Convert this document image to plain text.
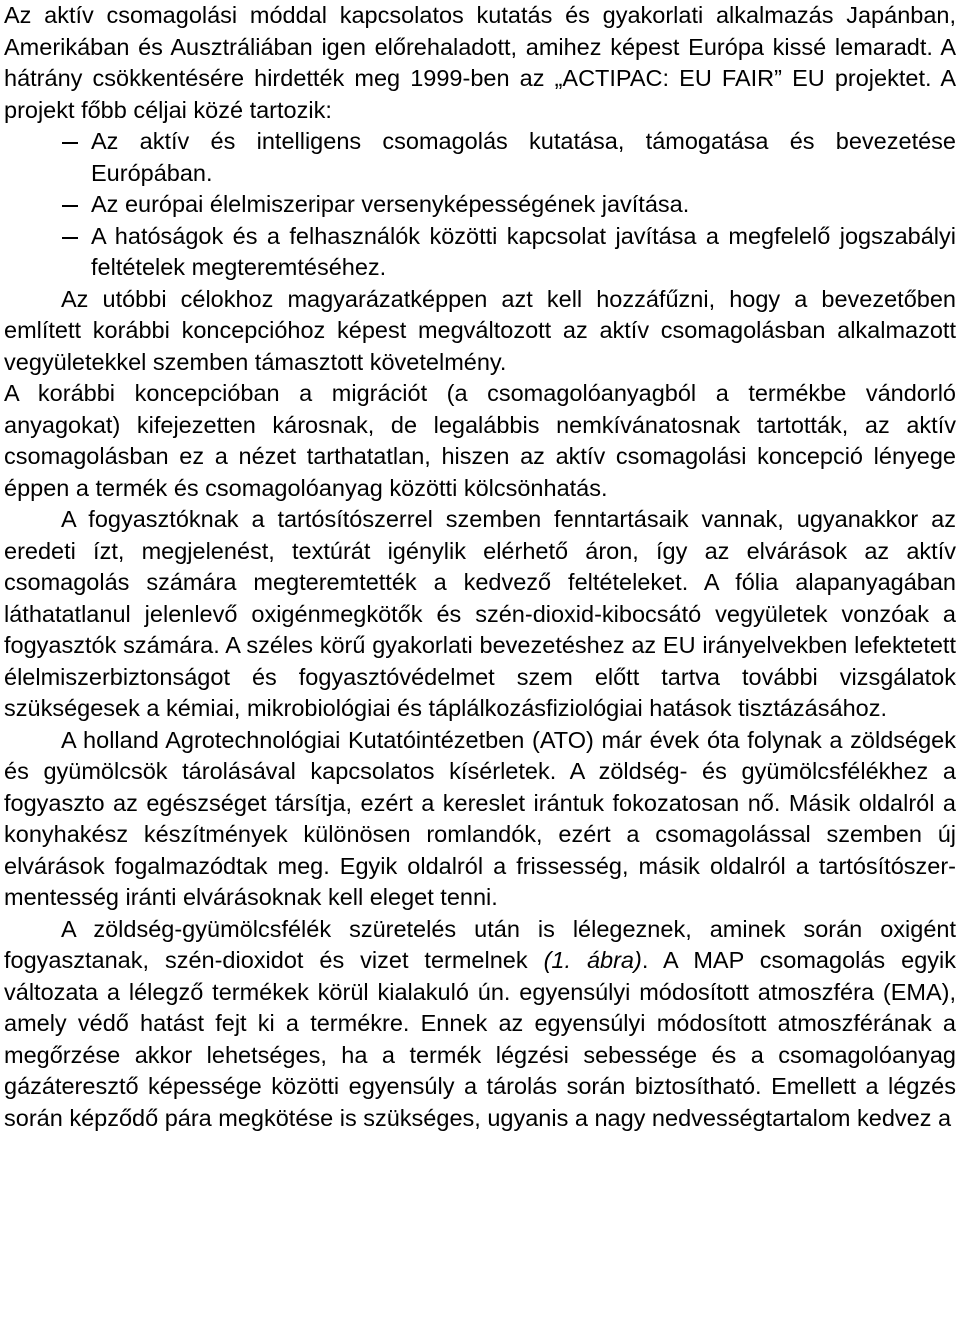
Az aktív csomagolási móddal kapcsolatos kutatás és gyakorlati alkalmazás Japánban, Amerikában és Ausztráliában igen előrehaladott, amihez képest Európa kissé lemaradt. A hátrány csökkentésére hirdették meg 1999-ben az „ACTIPAC: EU FAIR” EU projektet. A projekt főbb céljai közé tartozik:

Az aktív és intelligens csomagolás kutatása, támogatása és bevezetése Európában.
Az európai élelmiszeripar versenyképességének javítása.
A hatóságok és a felhasználók közötti kapcsolat javítása a megfelelő jogszabályi feltételek megteremtéséhez.

Az utóbbi célokhoz magyarázatképpen azt kell hozzáfűzni, hogy a bevezetőben említett korábbi koncepcióhoz képest megváltozott az aktív csomagolásban alkalmazott vegyületekkel szemben támasztott követelmény.

A korábbi koncepcióban a migrációt (a csomagolóanyagból a termékbe vándorló anyagokat) kifejezetten károsnak, de legalábbis nemkívánatosnak tartották, az aktív csomagolásban ez a nézet tarthatatlan, hiszen az aktív csomagolási koncepció lényege éppen a termék és csomagolóanyag közötti kölcsönhatás.

A fogyasztóknak a tartósítószerrel szemben fenntartásaik vannak, ugyanakkor az eredeti ízt, megjelenést, textúrát igénylik elérhető áron, így az elvárások az aktív csomagolás számára megteremtették a kedvező feltételeket. A fólia alapanyagában láthatatlanul jelenlevő oxigénmegkötők és szén-dioxid-kibocsátó vegyületek vonzóak a fogyasztók számára. A széles körű gyakorlati bevezetéshez az EU irányelvekben lefektetett élelmiszerbiztonságot és fogyasztóvédelmet szem előtt tartva további vizsgálatok szükségesek a kémiai, mikrobiológiai és táplálkozásfiziológiai hatások tisztázásához.

A holland Agrotechnológiai Kutatóintézetben (ATO) már évek óta folynak a zöldségek és gyümölcsök tárolásával kapcsolatos kísérletek. A zöldség- és gyümölcsfélékhez a fogyaszto az egészséget társítja, ezért a kereslet irántuk fokozatosan nő. Másik oldalról a konyhakész készítmények különösen romlandók, ezért a csomagolással szemben új elvárások fogalmazódtak meg. Egyik oldalról a frissesség, másik oldalról a tartósítószer-mentesség iránti elvárásoknak kell eleget tenni.

A zöldség-gyümölcsfélék szüretelés után is lélegeznek, aminek során oxigént fogyasztanak, szén-dioxidot és vizet termelnek (1. ábra). A MAP csomagolás egyik változata a lélegző termékek körül kialakuló ún. egyensúlyi módosított atmoszféra (EMA), amely védő hatást fejt ki a termékre. Ennek az egyensúlyi módosított atmoszférának a megőrzése akkor lehetséges, ha a termék légzési sebessége és a csomagolóanyag gázáteresztő képessége közötti egyensúly a tárolás során biztosítható. Emellett a légzés során képződő pára megkötése is szükséges, ugyanis a nagy nedvességtartalom kedvez a
